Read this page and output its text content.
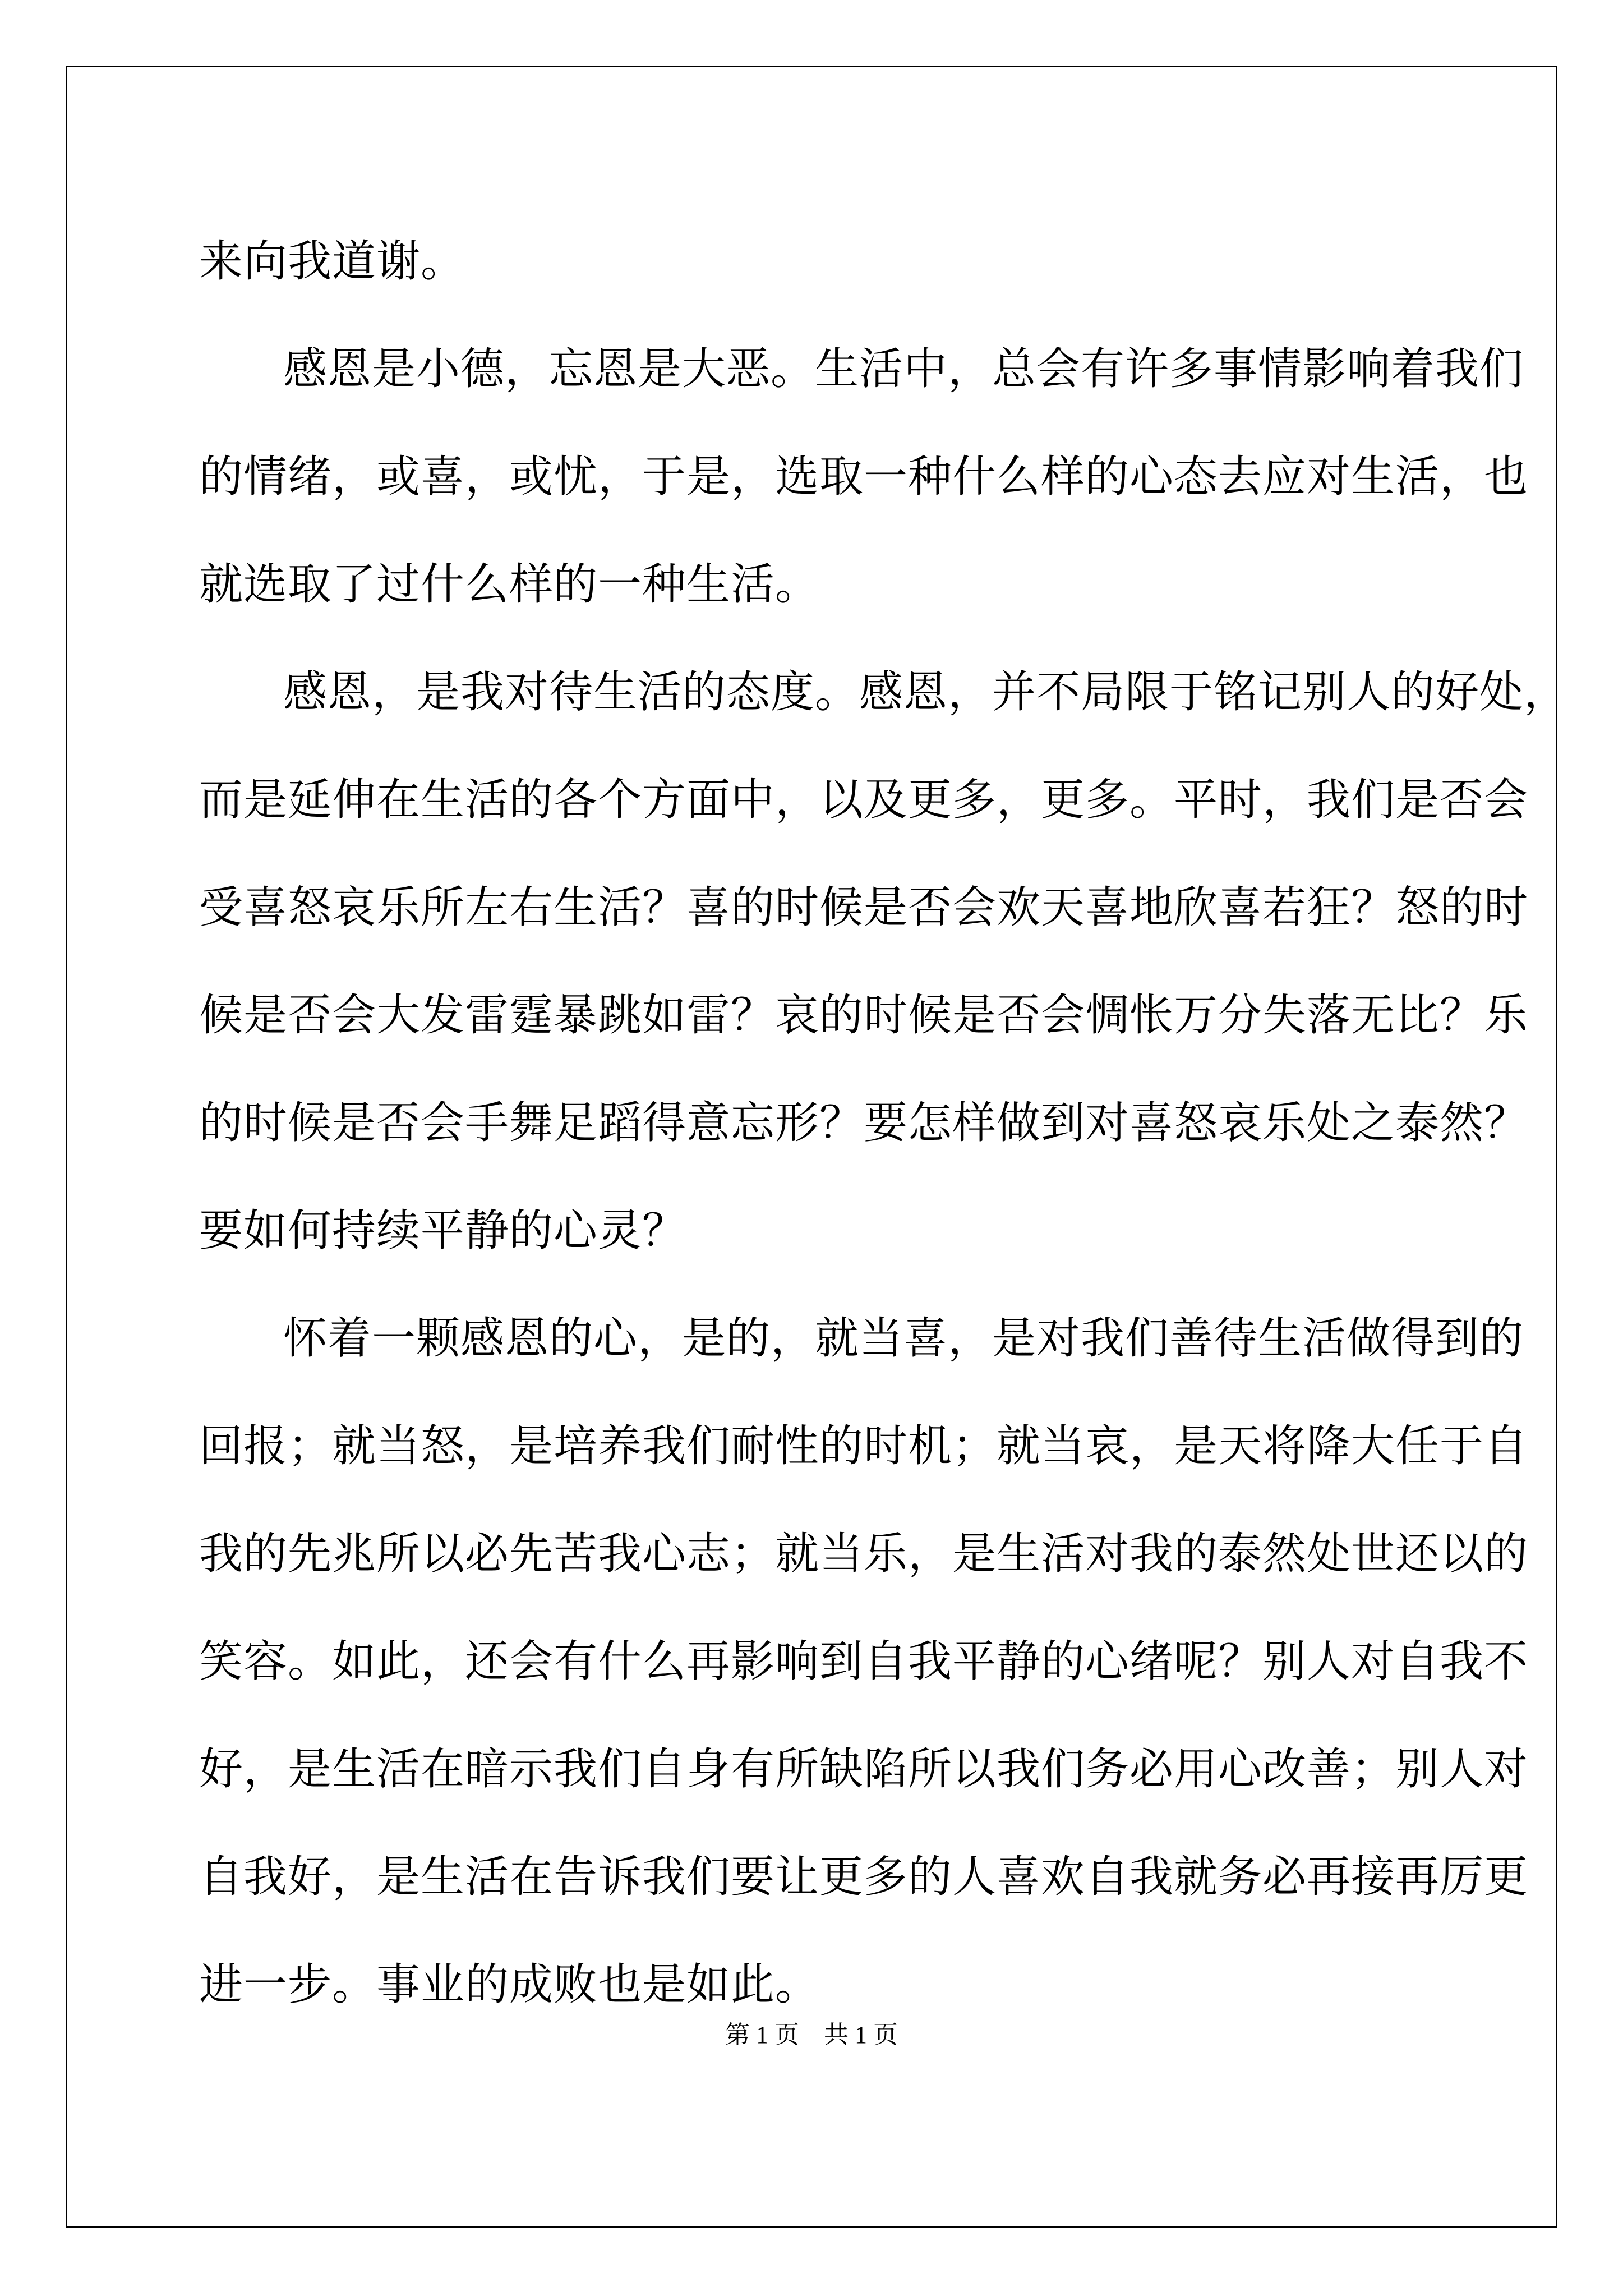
来向我道谢。
感恩是小德，忘恩是大恶。生活中，总会有许多事情影响着我们
的情绪，或喜，或忧，于是，选取一种什么样的心态去应对生活，也
就选取了过什么样的一种生活。
感恩，是我对待生活的态度。感恩，并不局限于铭记别人的好处，
而是延伸在生活的各个方面中，以及更多，更多。平时，我们是否会
受喜怒哀乐所左右生活？喜的时候是否会欢天喜地欣喜若狂？怒的时
候是否会大发雷霆暴跳如雷？哀的时候是否会惆怅万分失落无比？乐
的时候是否会手舞足蹈得意忘形？要怎样做到对喜怒哀乐处之泰然？
要如何持续平静的心灵？
怀着一颗感恩的心，是的，就当喜，是对我们善待生活做得到的
回报；就当怒，是培养我们耐性的时机；就当哀，是天将降大任于自
我的先兆所以必先苦我心志；就当乐，是生活对我的泰然处世还以的
笑容。如此，还会有什么再影响到自我平静的心绪呢？别人对自我不
好，是生活在暗示我们自身有所缺陷所以我们务必用心改善；别人对
自我好，是生活在告诉我们要让更多的人喜欢自我就务必再接再厉更
进一步。事业的成败也是如此。
第 1 页　共 1 页
